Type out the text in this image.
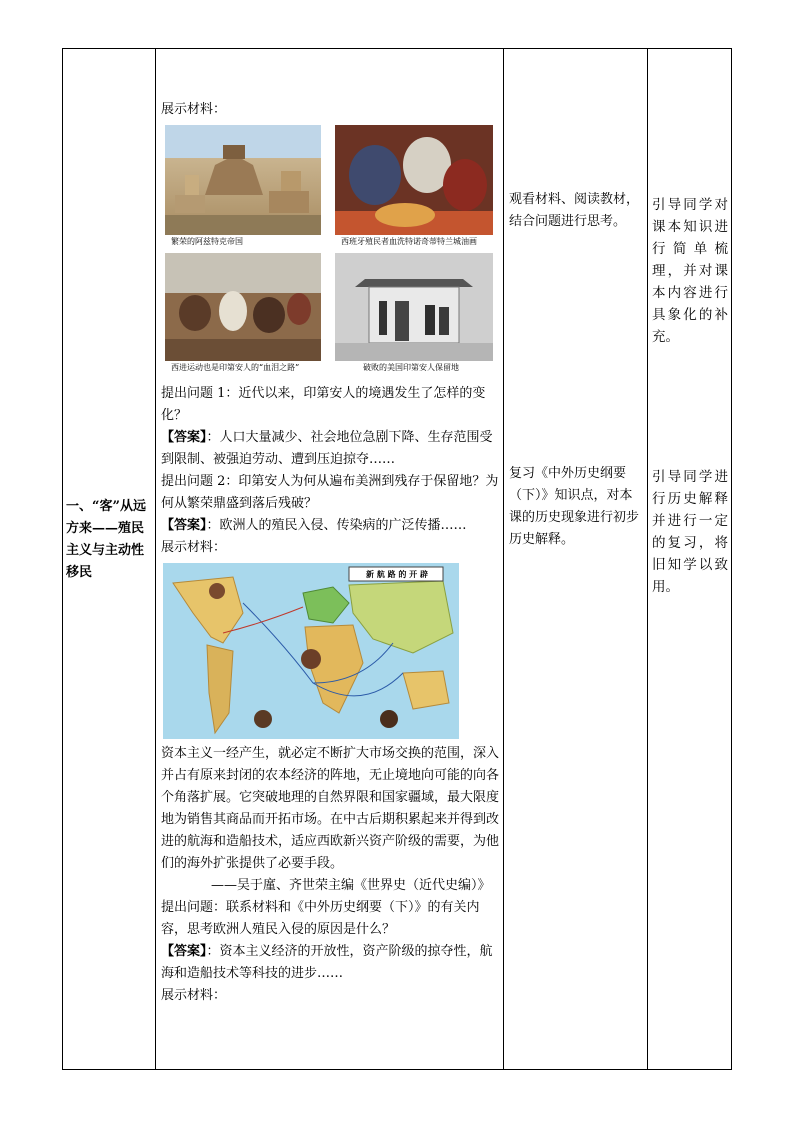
一、“客”从远方来——殖民主义与主动性移民

展示材料：

繁荣的阿兹特克帝国	西班牙殖民者血洗特诺奇蒂特兰城油画
西进运动也是印第安人的“血泪之路”	破败的美国印第安人保留地

提出问题 1：近代以来，印第安人的境遇发生了怎样的变化？

【答案】：人口大量减少、社会地位急剧下降、生存范围受到限制、被强迫劳动、遭到压迫掠夺……

提出问题 2：印第安人为何从遍布美洲到残存于保留地？为何从繁荣鼎盛到落后残破？

【答案】：欧洲人的殖民入侵、传染病的广泛传播……

展示材料：

新 航 路 的 开 辟

资本主义一经产生，就必定不断扩大市场交换的范围，深入并占有原来封闭的农本经济的阵地，无止境地向可能的向各个角落扩展。它突破地理的自然界限和国家疆域，最大限度地为销售其商品而开拓市场。在中古后期积累起来并得到改进的航海和造船技术，适应西欧新兴资产阶级的需要，为他们的海外扩张提供了必要手段。

——吴于廑、齐世荣主编《世界史（近代史编）》

提出问题：联系材料和《中外历史纲要（下）》的有关内容，思考欧洲人殖民入侵的原因是什么？

【答案】：资本主义经济的开放性，资产阶级的掠夺性，航海和造船技术等科技的进步……

展示材料：

观看材料、阅读教材，结合问题进行思考。
复习《中外历史纲要（下）》知识点，对本课的历史现象进行初步历史解释。
引导同学对课本知识进行简单梳理，并对课本内容进行具象化的补充。
引导同学进行历史解释并进行一定的复习，将旧知学以致用。
